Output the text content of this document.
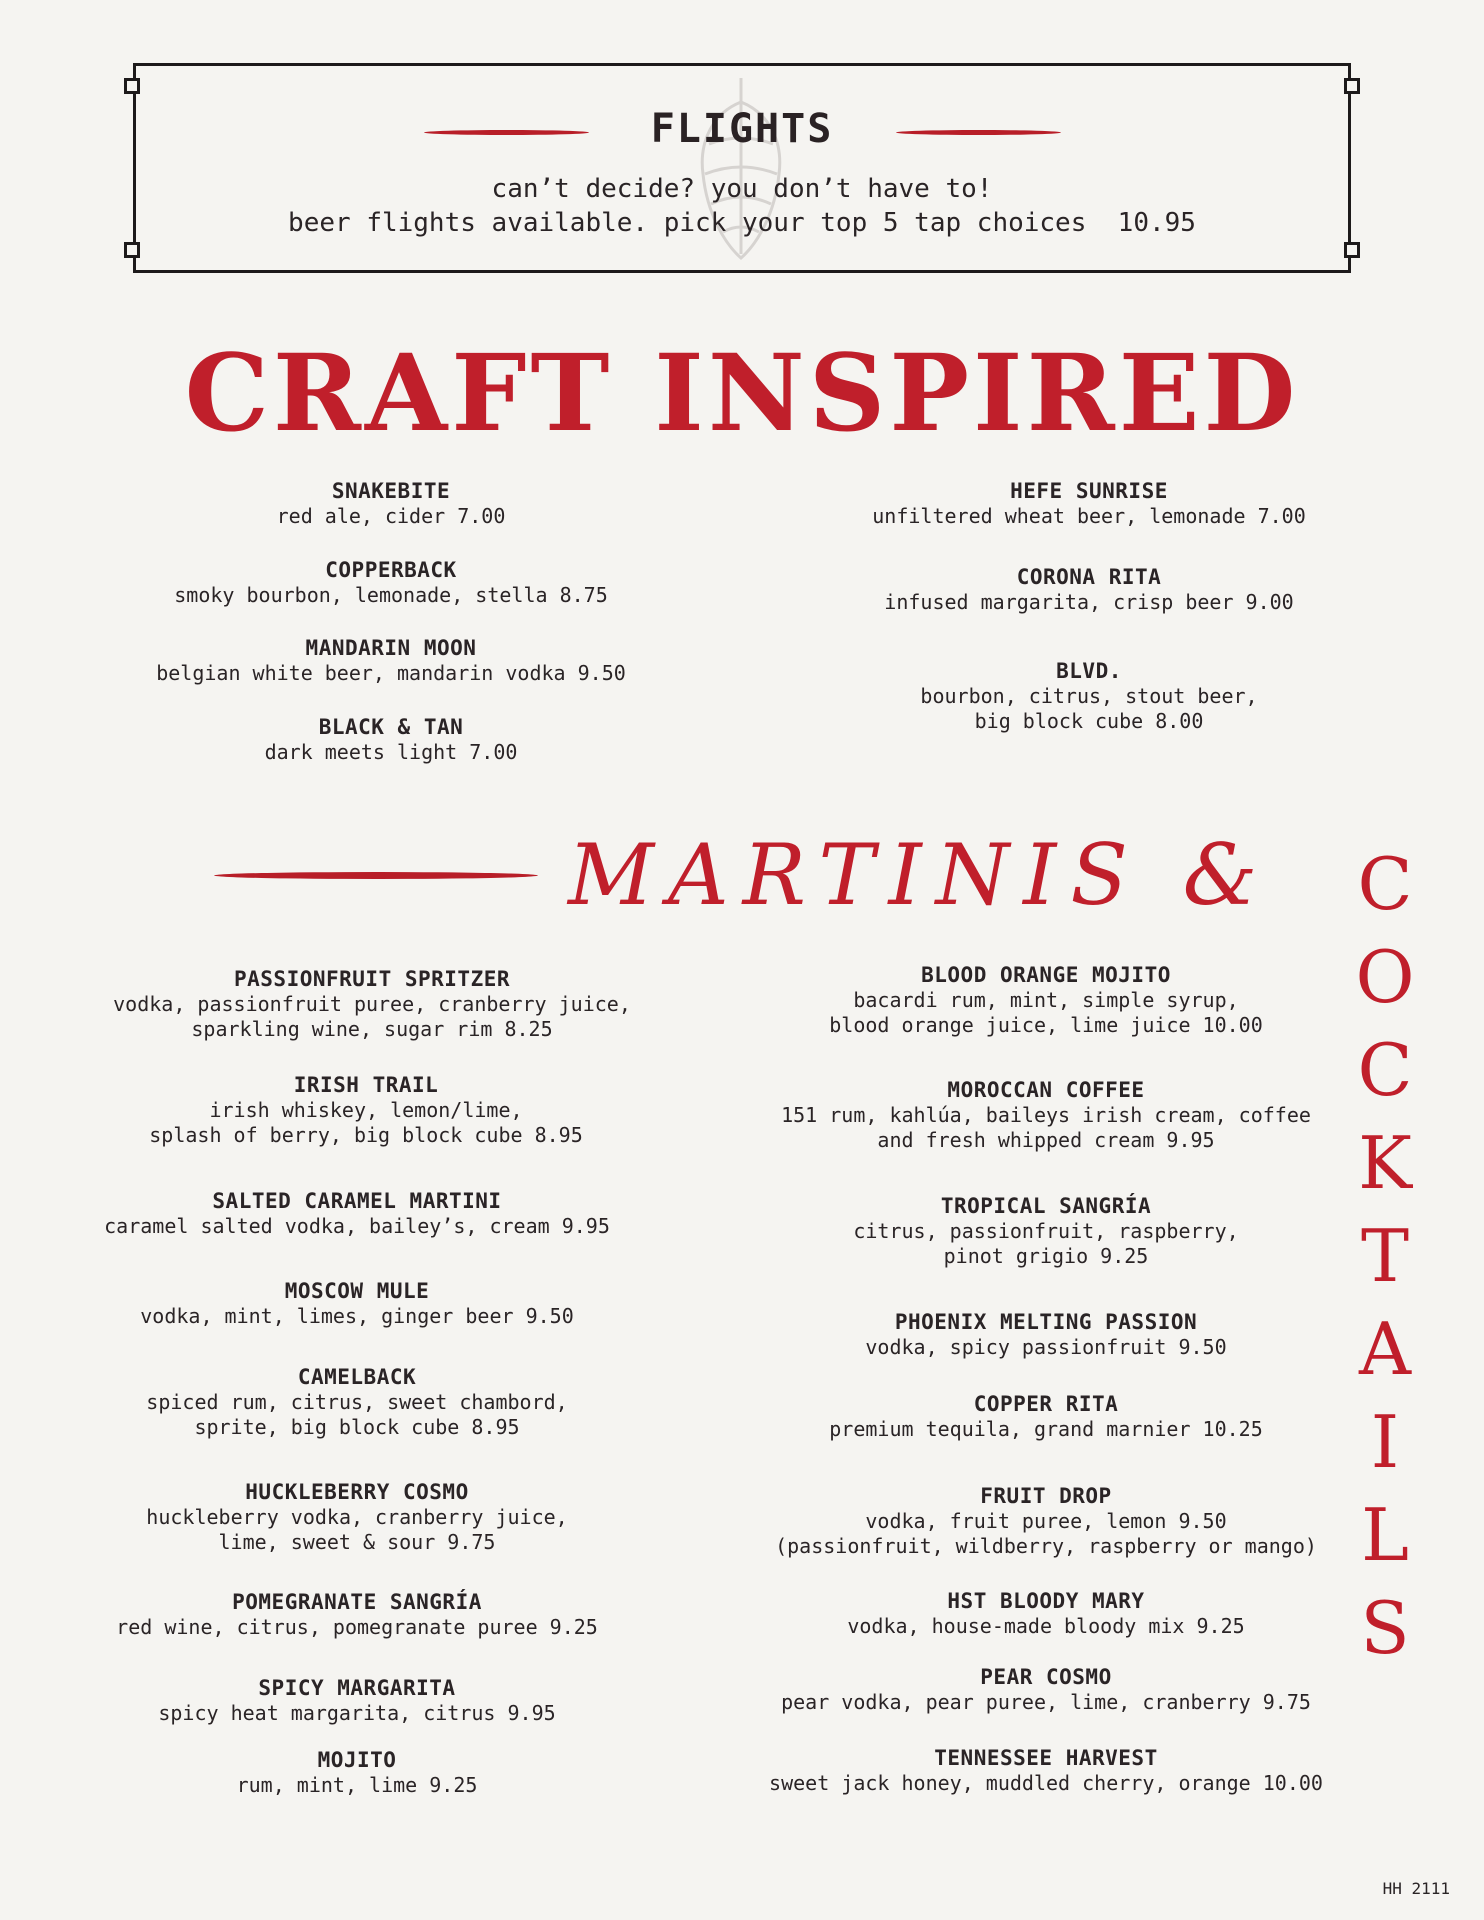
FLIGHTS
can’t decide? you don’t have to!
beer flights available. pick your top 5 tap choices  10.95
CRAFT INSPIRED
SNAKEBITE
red ale, cider 7.00
COPPERBACK
smoky bourbon, lemonade, stella 8.75
MANDARIN MOON
belgian white beer, mandarin vodka 9.50
BLACK & TAN
dark meets light 7.00
HEFE SUNRISE
unfiltered wheat beer, lemonade 7.00
CORONA RITA
infused margarita, crisp beer 9.00
BLVD.
bourbon, citrus, stout beer,
big block cube 8.00
MARTINIS & C
O
C
K
T
A
I
L
S
PASSIONFRUIT SPRITZER
vodka, passionfruit puree, cranberry juice,
sparkling wine, sugar rim 8.25
IRISH TRAIL
irish whiskey, lemon/lime,
splash of berry, big block cube 8.95
SALTED CARAMEL MARTINI
caramel salted vodka, bailey’s, cream 9.95
MOSCOW MULE
vodka, mint, limes, ginger beer 9.50
CAMELBACK
spiced rum, citrus, sweet chambord,
sprite, big block cube 8.95
HUCKLEBERRY COSMO
huckleberry vodka, cranberry juice,
lime, sweet & sour 9.75
POMEGRANATE SANGRÍA
red wine, citrus, pomegranate puree 9.25
SPICY MARGARITA
spicy heat margarita, citrus 9.95
MOJITO
rum, mint, lime 9.25
BLOOD ORANGE MOJITO
bacardi rum, mint, simple syrup,
blood orange juice, lime juice 10.00
MOROCCAN COFFEE
151 rum, kahlúa, baileys irish cream, coffee
and fresh whipped cream 9.95
TROPICAL SANGRÍA
citrus, passionfruit, raspberry,
pinot grigio 9.25
PHOENIX MELTING PASSION
vodka, spicy passionfruit 9.50
COPPER RITA
premium tequila, grand marnier 10.25
FRUIT DROP
vodka, fruit puree, lemon 9.50
(passionfruit, wildberry, raspberry or mango)
HST BLOODY MARY
vodka, house-made bloody mix 9.25
PEAR COSMO
pear vodka, pear puree, lime, cranberry 9.75
TENNESSEE HARVEST
sweet jack honey, muddled cherry, orange 10.00
HH 2111
